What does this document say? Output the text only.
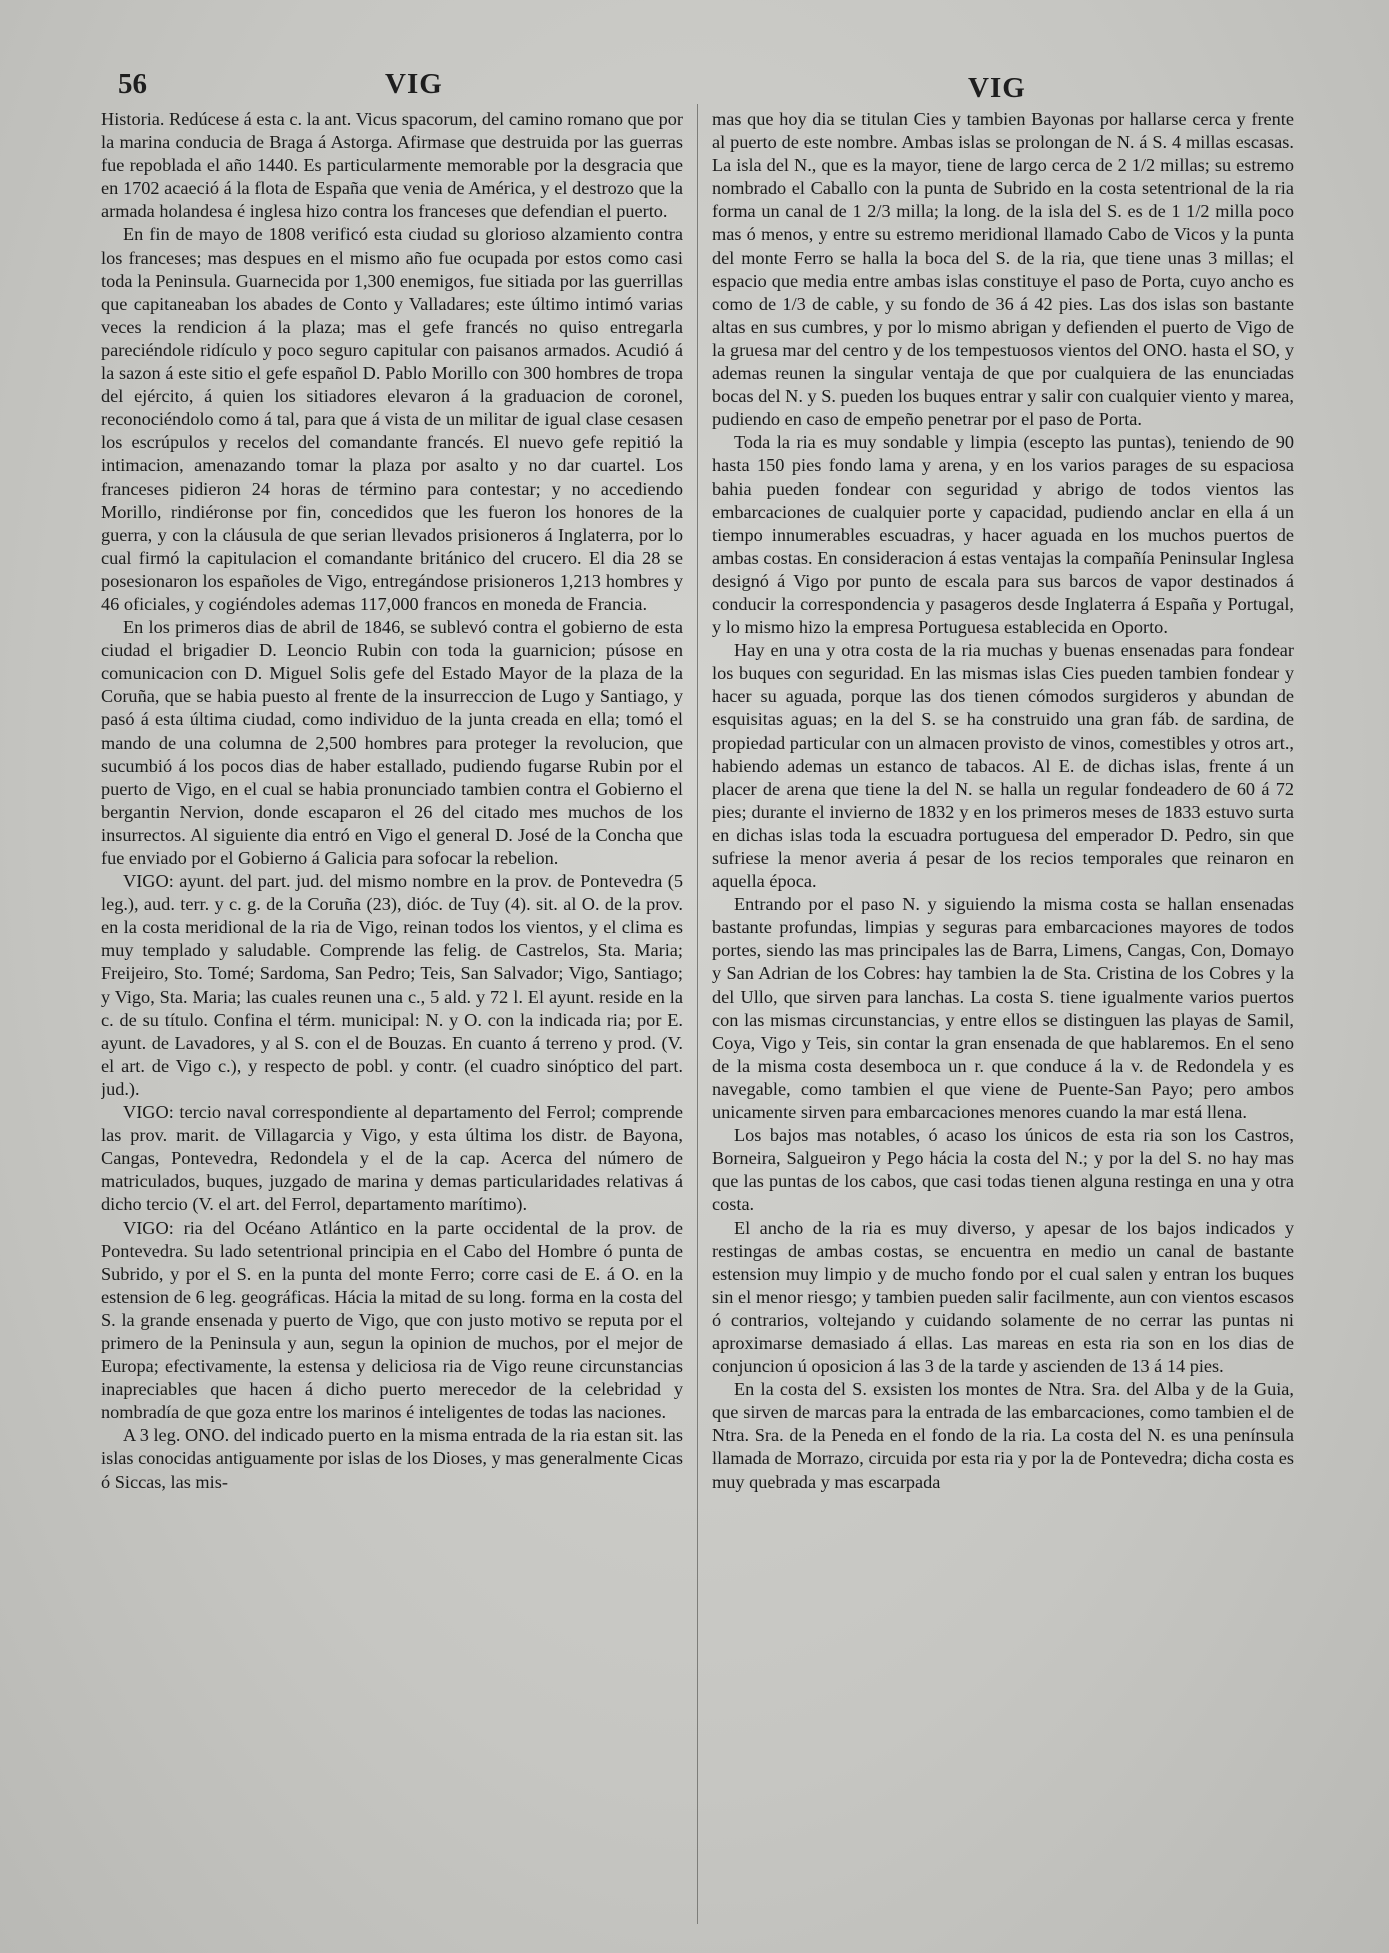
56	VIG	VIG

Historia. Redúcese á esta c. la ant. Vicus spacorum, del camino romano que por la marina conducia de Braga á Astorga. Afirmase que destruida por las guerras fue repoblada el año 1440. Es particularmente memorable por la desgracia que en 1702 acaeció á la flota de España que venia de América, y el destrozo que la armada holandesa é inglesa hizo contra los franceses que defendian el puerto.

En fin de mayo de 1808 verificó esta ciudad su glorioso alzamiento contra los franceses; mas despues en el mismo año fue ocupada por estos como casi toda la Peninsula. Guarnecida por 1,300 enemigos, fue sitiada por las guerrillas que capitaneaban los abades de Conto y Valladares; este último intimó varias veces la rendicion á la plaza; mas el gefe francés no quiso entregarla pareciéndole ridículo y poco seguro capitular con paisanos armados. Acudió á la sazon á este sitio el gefe español D. Pablo Morillo con 300 hombres de tropa del ejército, á quien los sitiadores elevaron á la graduacion de coronel, reconociéndolo como á tal, para que á vista de un militar de igual clase cesasen los escrúpulos y recelos del comandante francés. El nuevo gefe repitió la intimacion, amenazando tomar la plaza por asalto y no dar cuartel. Los franceses pidieron 24 horas de término para contestar; y no accediendo Morillo, rindiéronse por fin, concedidos que les fueron los honores de la guerra, y con la cláusula de que serian llevados prisioneros á Inglaterra, por lo cual firmó la capitulacion el comandante británico del crucero. El dia 28 se posesionaron los españoles de Vigo, entregándose prisioneros 1,213 hombres y 46 oficiales, y cogiéndoles ademas 117,000 francos en moneda de Francia.

En los primeros dias de abril de 1846, se sublevó contra el gobierno de esta ciudad el brigadier D. Leoncio Rubin con toda la guarnicion; púsose en comunicacion con D. Miguel Solis gefe del Estado Mayor de la plaza de la Coruña, que se habia puesto al frente de la insurreccion de Lugo y Santiago, y pasó á esta última ciudad, como individuo de la junta creada en ella; tomó el mando de una columna de 2,500 hombres para proteger la revolucion, que sucumbió á los pocos dias de haber estallado, pudiendo fugarse Rubin por el puerto de Vigo, en el cual se habia pronunciado tambien contra el Gobierno el bergantin Nervion, donde escaparon el 26 del citado mes muchos de los insurrectos. Al siguiente dia entró en Vigo el general D. José de la Concha que fue enviado por el Gobierno á Galicia para sofocar la rebelion.

VIGO: ayunt. del part. jud. del mismo nombre en la prov. de Pontevedra (5 leg.), aud. terr. y c. g. de la Coruña (23), dióc. de Tuy (4). sit. al O. de la prov. en la costa meridional de la ria de Vigo, reinan todos los vientos, y el clima es muy templado y saludable. Comprende las felig. de Castrelos, Sta. Maria; Freijeiro, Sto. Tomé; Sardoma, San Pedro; Teis, San Salvador; Vigo, Santiago; y Vigo, Sta. Maria; las cuales reunen una c., 5 ald. y 72 l. El ayunt. reside en la c. de su título. Confina el térm. municipal: N. y O. con la indicada ria; por E. ayunt. de Lavadores, y al S. con el de Bouzas. En cuanto á terreno y prod. (V. el art. de Vigo c.), y respecto de pobl. y contr. (el cuadro sinóptico del part. jud.).

VIGO: tercio naval correspondiente al departamento del Ferrol; comprende las prov. marit. de Villagarcia y Vigo, y esta última los distr. de Bayona, Cangas, Pontevedra, Redondela y el de la cap. Acerca del número de matriculados, buques, juzgado de marina y demas particularidades relativas á dicho tercio (V. el art. del Ferrol, departamento marítimo).

VIGO: ria del Océano Atlántico en la parte occidental de la prov. de Pontevedra. Su lado setentrional principia en el Cabo del Hombre ó punta de Subrido, y por el S. en la punta del monte Ferro; corre casi de E. á O. en la estension de 6 leg. geográficas. Hácia la mitad de su long. forma en la costa del S. la grande ensenada y puerto de Vigo, que con justo motivo se reputa por el primero de la Peninsula y aun, segun la opinion de muchos, por el mejor de Europa; efectivamente, la estensa y deliciosa ria de Vigo reune circunstancias inapreciables que hacen á dicho puerto merecedor de la celebridad y nombradía de que goza entre los marinos é inteligentes de todas las naciones.

A 3 leg. ONO. del indicado puerto en la misma entrada de la ria estan sit. las islas conocidas antiguamente por islas de los Dioses, y mas generalmente Cicas ó Siccas, las mis-

mas que hoy dia se titulan Cies y tambien Bayonas por hallarse cerca y frente al puerto de este nombre. Ambas islas se prolongan de N. á S. 4 millas escasas. La isla del N., que es la mayor, tiene de largo cerca de 2 1/2 millas; su estremo nombrado el Caballo con la punta de Subrido en la costa setentrional de la ria forma un canal de 1 2/3 milla; la long. de la isla del S. es de 1 1/2 milla poco mas ó menos, y entre su estremo meridional llamado Cabo de Vicos y la punta del monte Ferro se halla la boca del S. de la ria, que tiene unas 3 millas; el espacio que media entre ambas islas constituye el paso de Porta, cuyo ancho es como de 1/3 de cable, y su fondo de 36 á 42 pies. Las dos islas son bastante altas en sus cumbres, y por lo mismo abrigan y defienden el puerto de Vigo de la gruesa mar del centro y de los tempestuosos vientos del ONO. hasta el SO, y ademas reunen la singular ventaja de que por cualquiera de las enunciadas bocas del N. y S. pueden los buques entrar y salir con cualquier viento y marea, pudiendo en caso de empeño penetrar por el paso de Porta.

Toda la ria es muy sondable y limpia (escepto las puntas), teniendo de 90 hasta 150 pies fondo lama y arena, y en los varios parages de su espaciosa bahia pueden fondear con seguridad y abrigo de todos vientos las embarcaciones de cualquier porte y capacidad, pudiendo anclar en ella á un tiempo innumerables escuadras, y hacer aguada en los muchos puertos de ambas costas. En consideracion á estas ventajas la compañía Peninsular Inglesa designó á Vigo por punto de escala para sus barcos de vapor destinados á conducir la correspondencia y pasageros desde Inglaterra á España y Portugal, y lo mismo hizo la empresa Portuguesa establecida en Oporto.

Hay en una y otra costa de la ria muchas y buenas ensenadas para fondear los buques con seguridad. En las mismas islas Cies pueden tambien fondear y hacer su aguada, porque las dos tienen cómodos surgideros y abundan de esquisitas aguas; en la del S. se ha construido una gran fáb. de sardina, de propiedad particular con un almacen provisto de vinos, comestibles y otros art., habiendo ademas un estanco de tabacos. Al E. de dichas islas, frente á un placer de arena que tiene la del N. se halla un regular fondeadero de 60 á 72 pies; durante el invierno de 1832 y en los primeros meses de 1833 estuvo surta en dichas islas toda la escuadra portuguesa del emperador D. Pedro, sin que sufriese la menor averia á pesar de los recios temporales que reinaron en aquella época.

Entrando por el paso N. y siguiendo la misma costa se hallan ensenadas bastante profundas, limpias y seguras para embarcaciones mayores de todos portes, siendo las mas principales las de Barra, Limens, Cangas, Con, Domayo y San Adrian de los Cobres: hay tambien la de Sta. Cristina de los Cobres y la del Ullo, que sirven para lanchas. La costa S. tiene igualmente varios puertos con las mismas circunstancias, y entre ellos se distinguen las playas de Samil, Coya, Vigo y Teis, sin contar la gran ensenada de que hablaremos. En el seno de la misma costa desemboca un r. que conduce á la v. de Redondela y es navegable, como tambien el que viene de Puente-San Payo; pero ambos unicamente sirven para embarcaciones menores cuando la mar está llena.

Los bajos mas notables, ó acaso los únicos de esta ria son los Castros, Borneira, Salgueiron y Pego hácia la costa del N.; y por la del S. no hay mas que las puntas de los cabos, que casi todas tienen alguna restinga en una y otra costa.

El ancho de la ria es muy diverso, y apesar de los bajos indicados y restingas de ambas costas, se encuentra en medio un canal de bastante estension muy limpio y de mucho fondo por el cual salen y entran los buques sin el menor riesgo; y tambien pueden salir facilmente, aun con vientos escasos ó contrarios, voltejando y cuidando solamente de no cerrar las puntas ni aproximarse demasiado á ellas. Las mareas en esta ria son en los dias de conjuncion ú oposicion á las 3 de la tarde y ascienden de 13 á 14 pies.

En la costa del S. exsisten los montes de Ntra. Sra. del Alba y de la Guia, que sirven de marcas para la entrada de las embarcaciones, como tambien el de Ntra. Sra. de la Peneda en el fondo de la ria. La costa del N. es una península llamada de Morrazo, circuida por esta ria y por la de Pontevedra; dicha costa es muy quebrada y mas escarpada
